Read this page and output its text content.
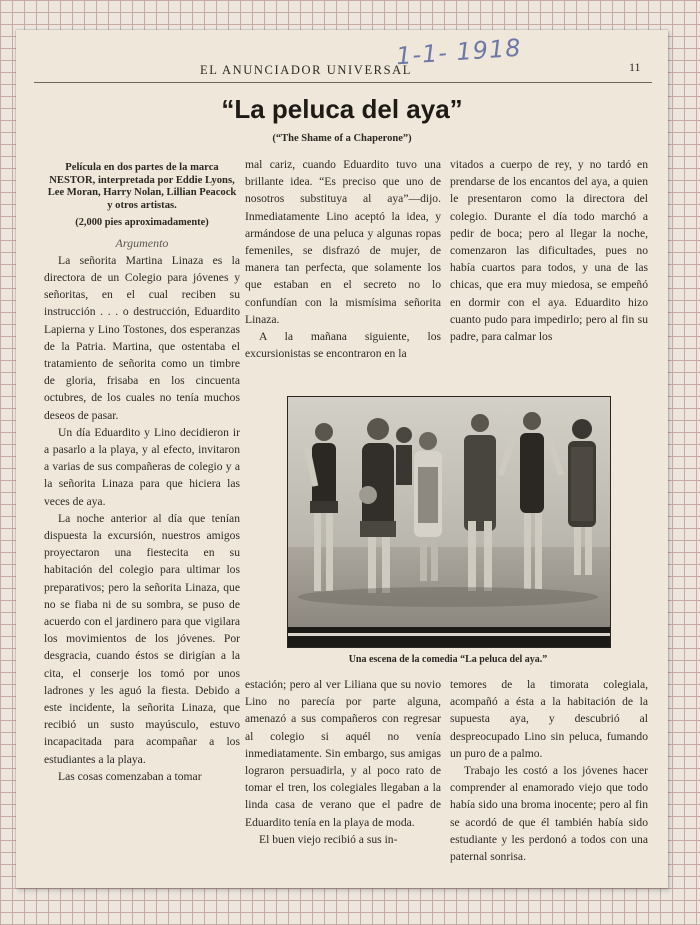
1-1- 1918
EL ANUNCIADOR UNIVERSAL	11
“La peluca del aya”
(“The Shame of a Chaperone”)

Película en dos partes de la marca NESTOR, interpretada por Eddie Lyons, Lee Moran, Harry Nolan, Lillian Peacock y otros artistas.

(2,000 pies aproximadamente)

Argumento

La señorita Martina Linaza es la directora de un Colegio para jóvenes y señoritas, en el cual reciben su instrucción . . . o destrucción, Eduardito Lapierna y Lino Tostones, dos esperanzas de la Patria. Martina, que ostentaba el tratamiento de señorita como un timbre de gloria, frisaba en los cincuenta octubres, de los cuales no tenía muchos deseos de pasar.

Un día Eduardito y Lino decidieron ir a pasarlo a la playa, y al efecto, invitaron a varias de sus compañeras de colegio y a la señorita Linaza para que hiciera las veces de aya.

La noche anterior al día que tenían dispuesta la excursión, nuestros amigos proyectaron una fiestecita en su habitación del colegio para ultimar los preparativos; pero la señorita Linaza, que no se fiaba ni de su sombra, se puso de acuerdo con el jardinero para que vigilara los movimientos de los jóvenes. Por desgracia, cuando éstos se dirigían a la cita, el conserje los tomó por unos ladrones y les aguó la fiesta. Debido a este incidente, la señorita Linaza, que recibió un susto mayúsculo, estuvo incapacitada para acompañar a los estudiantes a la playa.

Las cosas comenzaban a tomar

mal cariz, cuando Eduardito tuvo una brillante idea. “Es preciso que uno de nosotros substituya al aya”—dijo. Inmediatamente Lino aceptó la idea, y armándose de una peluca y algunas ropas femeniles, se disfrazó de mujer, de manera tan perfecta, que solamente los que estaban en el secreto no lo confundían con la mismísima señorita Linaza.

A la mañana siguiente, los excursionistas se encontraron en la

vitados a cuerpo de rey, y no tardó en prendarse de los encantos del aya, a quien le presentaron como la directora del colegio. Durante el día todo marchó a pedir de boca; pero al llegar la noche, comenzaron las dificultades, pues no había cuartos para todos, y una de las chicas, que era muy miedosa, se empeñó en dormir con el aya. Eduardito hizo cuanto pudo para impedirlo; pero al fin su padre, para calmar los

Una escena de la comedia “La peluca del aya.”

estación; pero al ver Liliana que su novio Lino no parecía por parte alguna, amenazó a sus compañeros con regresar al colegio si aquél no venía inmediatamente. Sin embargo, sus amigas lograron persuadirla, y al poco rato de tomar el tren, los colegiales llegaban a la linda casa de verano que el padre de Eduardito tenía en la playa de moda.

El buen viejo recibió a sus in-

temores de la timorata colegiala, acompañó a ésta a la habitación de la supuesta aya, y descubrió al despreocupado Lino sin peluca, fumando un puro de a palmo.

Trabajo les costó a los jóvenes hacer comprender al enamorado viejo que todo había sido una broma inocente; pero al fin se acordó de que él también había sido estudiante y les perdonó a todos con una paternal sonrisa.
